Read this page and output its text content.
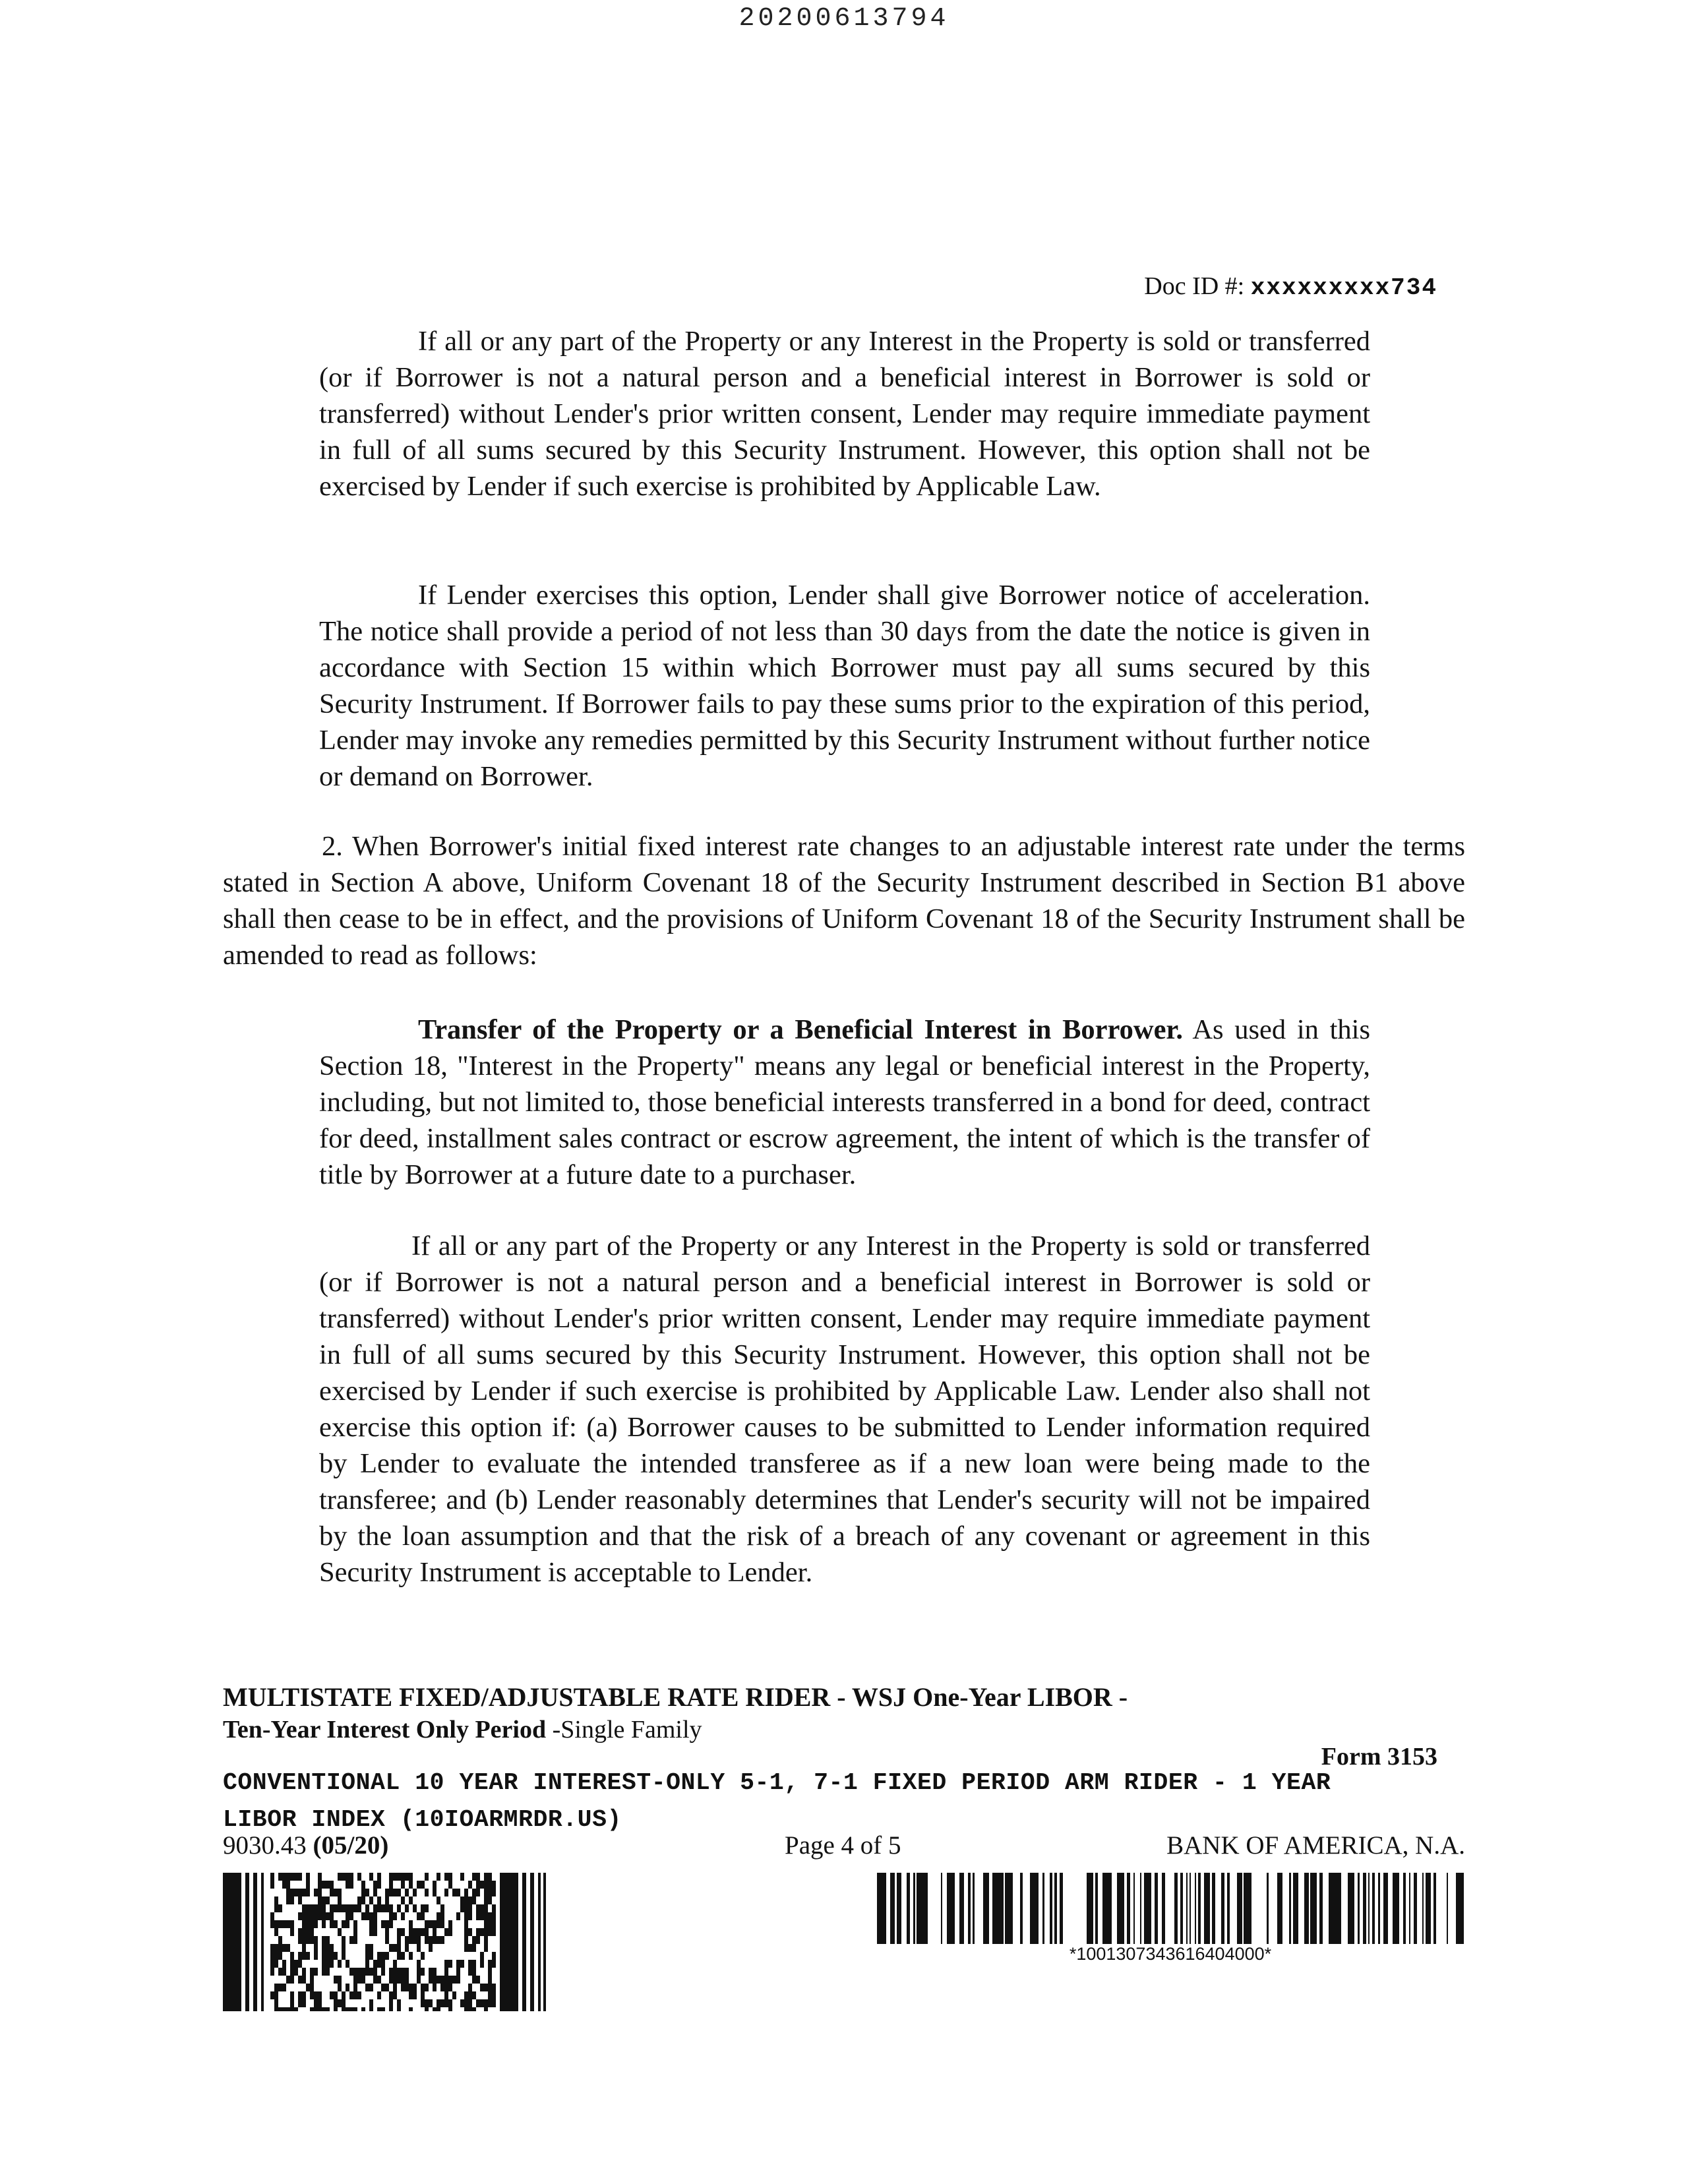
20200613794
Doc ID #: xxxxxxxxx734
If all or any part of the Property or any Interest in the Property is sold or transferred (or if Borrower is not a natural person and a beneficial interest in Borrower is sold or transferred) without Lender's prior written consent, Lender may require immediate payment in full of all sums secured by this Security Instrument. However, this option shall not be exercised by Lender if such exercise is prohibited by Applicable Law.
If Lender exercises this option, Lender shall give Borrower notice of acceleration. The notice shall provide a period of not less than 30 days from the date the notice is given in accordance with Section 15 within which Borrower must pay all sums secured by this Security Instrument. If Borrower fails to pay these sums prior to the expiration of this period, Lender may invoke any remedies permitted by this Security Instrument without further notice or demand on Borrower.
2. When Borrower's initial fixed interest rate changes to an adjustable interest rate under the terms stated in Section A above, Uniform Covenant 18 of the Security Instrument described in Section B1 above shall then cease to be in effect, and the provisions of Uniform Covenant 18 of the Security Instrument shall be amended to read as follows:
Transfer of the Property or a Beneficial Interest in Borrower. As used in this Section 18, "Interest in the Property" means any legal or beneficial interest in the Property, including, but not limited to, those beneficial interests transferred in a bond for deed, contract for deed, installment sales contract or escrow agreement, the intent of which is the transfer of title by Borrower at a future date to a purchaser.
If all or any part of the Property or any Interest in the Property is sold or transferred (or if Borrower is not a natural person and a beneficial interest in Borrower is sold or transferred) without Lender's prior written consent, Lender may require immediate payment in full of all sums secured by this Security Instrument. However, this option shall not be exercised by Lender if such exercise is prohibited by Applicable Law. Lender also shall not exercise this option if: (a) Borrower causes to be submitted to Lender information required by Lender to evaluate the intended transferee as if a new loan were being made to the transferee; and (b) Lender reasonably determines that Lender's security will not be impaired by the loan assumption and that the risk of a breach of any covenant or agreement in this Security Instrument is acceptable to Lender.
MULTISTATE FIXED/ADJUSTABLE RATE RIDER - WSJ One-Year LIBOR -
Ten-Year Interest Only Period -Single Family
Form 3153
CONVENTIONAL 10 YEAR INTEREST-ONLY 5-1, 7-1 FIXED PERIOD ARM RIDER - 1 YEAR
LIBOR INDEX (10IOARMRDR.US)
9030.43 (05/20)	Page 4 of 5	BANK OF AMERICA, N.A.
*1001307343616404000*
